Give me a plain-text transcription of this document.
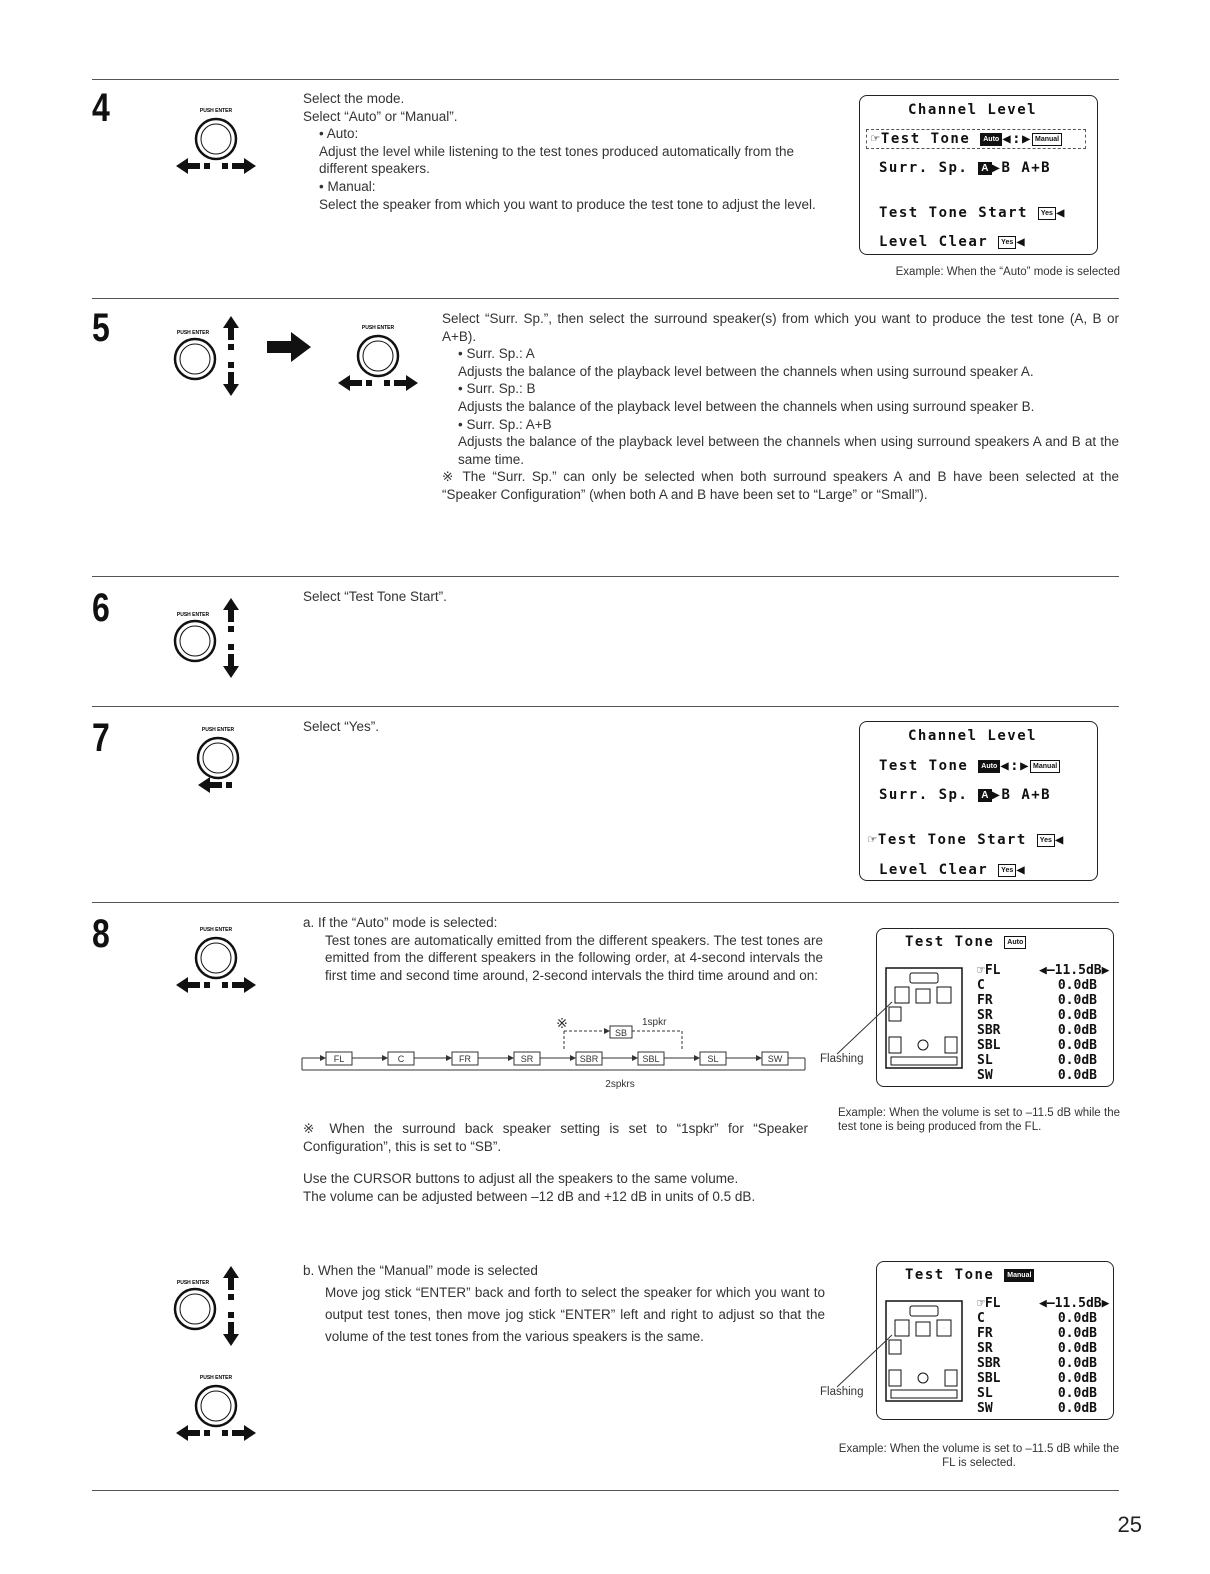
4	PUSH ENTER

Select the mode.

Select “Auto” or “Manual”.

• Auto:

Adjust the level while listening to the test tones produced automatically from the different speakers.

• Manual:

Select the speaker from which you want to produce the test tone to adjust the level.

Channel Level
☞Test Tone Auto ◀:▶ Manual
Surr. Sp. A ▶B A+B
Test Tone Start Yes ◀
Level Clear Yes ◀
Example: When the “Auto” mode is selected
5	PUSH ENTER
PUSH ENTER

Select “Surr. Sp.”, then select the surround speaker(s) from which you want to produce the test tone (A, B or A+B).

• Surr. Sp.: A

Adjusts the balance of the playback level between the channels when using surround speaker A.

• Surr. Sp.: B

Adjusts the balance of the playback level between the channels when using surround speaker B.

• Surr. Sp.: A+B

Adjusts the balance of the playback level between the channels when using surround speakers A and B at the same time.

※ The “Surr. Sp.” can only be selected when both surround speakers A and B have been selected at the “Speaker Configuration” (when both A and B have been set to “Large” or “Small”).

6	PUSH ENTER

Select “Test Tone Start”.

7	PUSH ENTER	Select “Yes”.

Channel Level
Test Tone Auto ◀:▶ Manual
Surr. Sp. A ▶B A+B
☞Test Tone Start Yes ◀
Level Clear Yes ◀
8	PUSH ENTER	a. If the “Auto” mode is selected:

Test tones are automatically emitted from the different speakers. The test tones are emitted from the different speakers in the following order, at 4-second intervals the first time and second time around, 2-second intervals the third time around and on:

※	1spkr
SB
2spkrs
FL	C	FR	SR	SBR	SBL	SL	SW
※ When the surround back speaker setting is set to “1spkr” for “Speaker Configuration”, this is set to “SB”.

Use the CURSOR buttons to adjust all the speakers to the same volume.

The volume can be adjusted between –12 dB and +12 dB in units of 0.5 dB.

PUSH ENTER
PUSH ENTER

b. When the “Manual” mode is selected

Move jog stick “ENTER” back and forth to select the speaker for which you want to output test tones, then move jog stick “ENTER” left and right to adjust so that the volume of the test tones from the various speakers is the same.

Test Tone Auto
☞FL	◀–11.5dB▶
C	0.0dB
FR	0.0dB
SR	0.0dB
SBR	0.0dB
SBL	0.0dB
SL	0.0dB
SW	0.0dB
Flashing
Example: When the volume is set to –11.5 dB while the test tone is being produced from the FL.
Test Tone Manual
☞FL	◀–11.5dB▶
C	0.0dB
FR	0.0dB
SR	0.0dB
SBR	0.0dB
SBL	0.0dB
SL	0.0dB
SW	0.0dB
Flashing
Example: When the volume is set to –11.5 dB while the FL is selected.
25
